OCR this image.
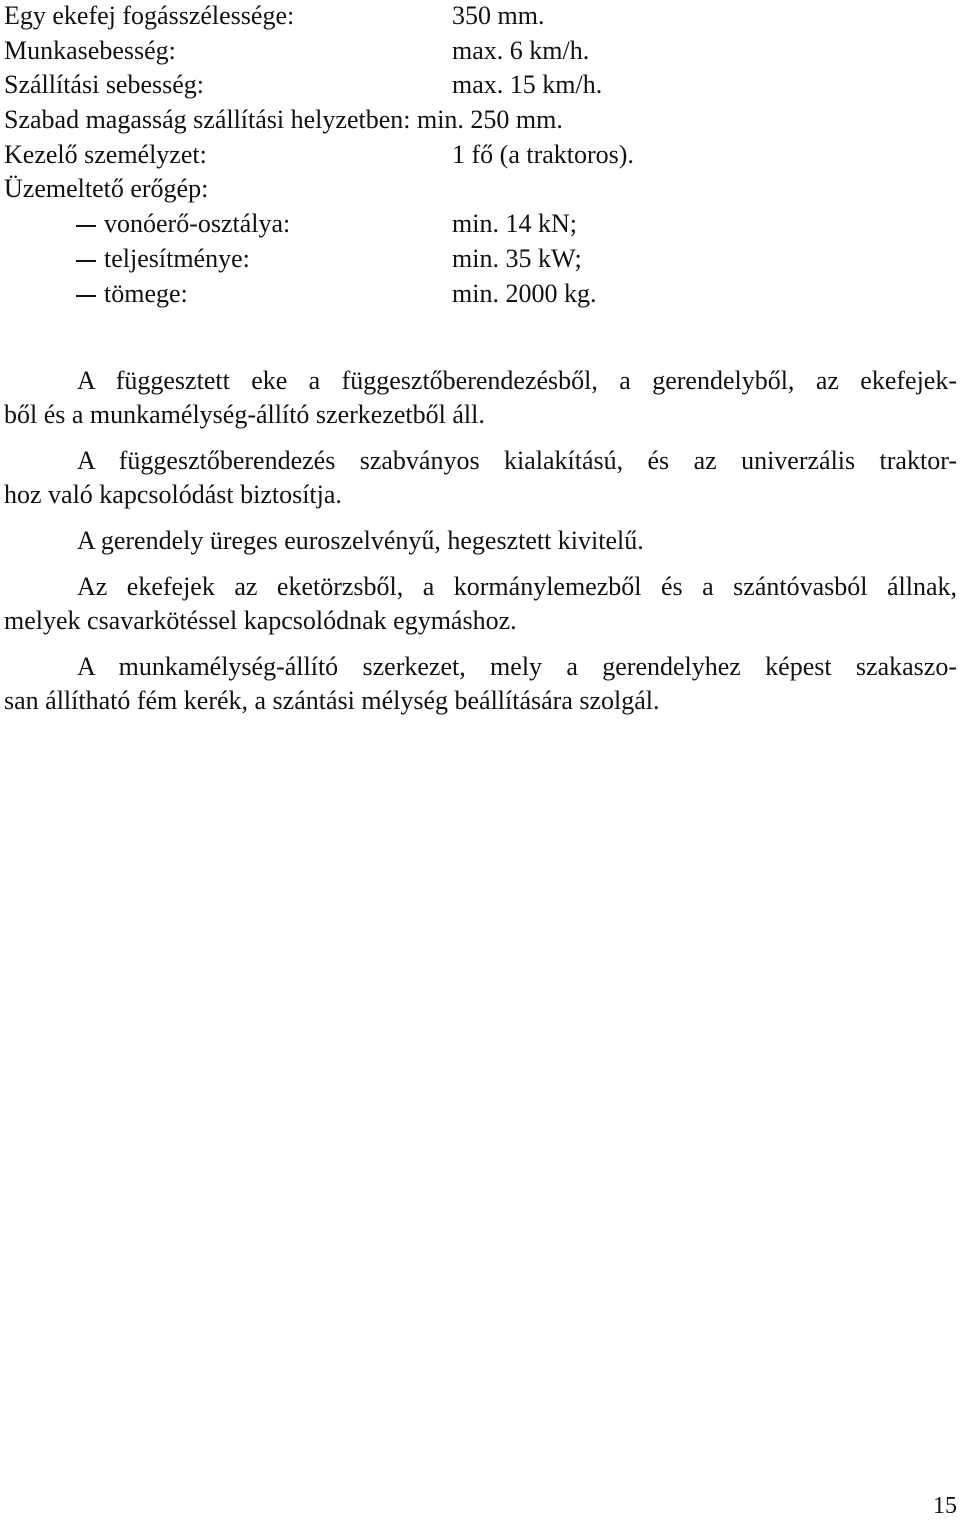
Egy ekefej fogásszélessége:	350 mm.
Munkasebesség:	max. 6 km/h.
Szállítási sebesség:	max. 15 km/h.
Szabad magasság szállítási helyzetben: min. 250 mm.
Kezelő személyzet:	1 fő (a traktoros).
Üzemeltető erőgép:
vonóerő-osztálya:	min. 14 kN;
teljesítménye:	min. 35 kW;
tömege:	min. 2000 kg.

A függesztett eke a függesztőberendezésből, a gerendelyből, az ekefejek-
ből és a munkamélység-állító szerkezetből áll.

A függesztőberendezés szabványos kialakítású, és az univerzális traktor-
hoz való kapcsolódást biztosítja.

A gerendely üreges euroszelvényű, hegesztett kivitelű.

Az ekefejek az eketörzsből, a kormánylemezből és a szántóvasból állnak,
melyek csavarkötéssel kapcsolódnak egymáshoz.

A munkamélység-állító szerkezet, mely a gerendelyhez képest szakaszo-
san állítható fém kerék, a szántási mélység beállítására szolgál.

15
